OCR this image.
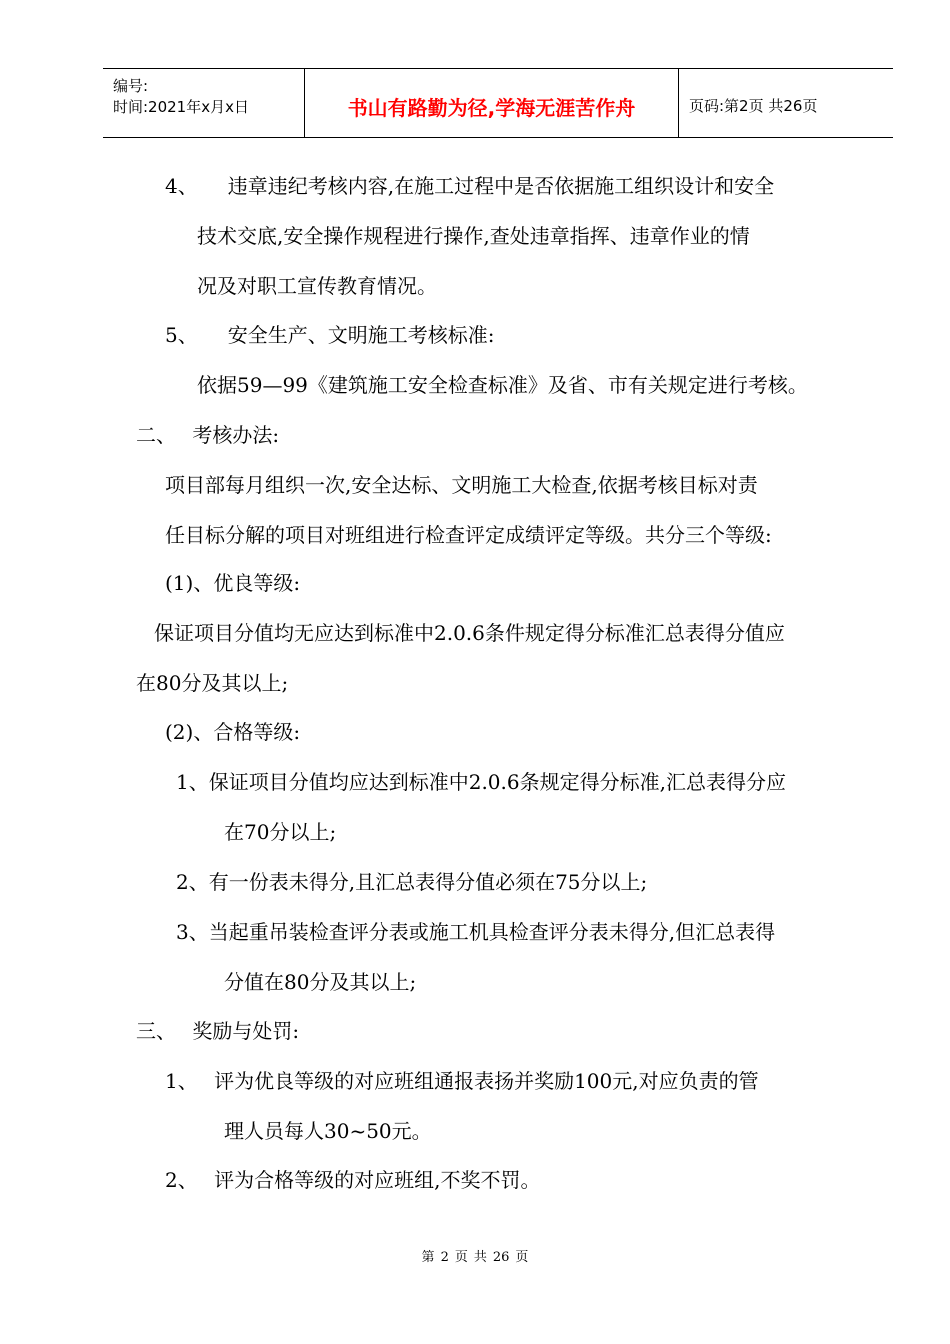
编号:
时间:2021年x月x日	书山有路勤为径,学海无涯苦作舟	页码:第2页 共26页
4、　　违章违纪考核内容,在施工过程中是否依据施工组织设计和安全
技术交底,安全操作规程进行操作,查处违章指挥、违章作业的情
况及对职工宣传教育情况。
5、　　安全生产、文明施工考核标准:
依据59—99《建筑施工安全检查标准》及省、市有关规定进行考核。
二、　 考核办法:
项目部每月组织一次,安全达标、文明施工大检查,依据考核目标对责
任目标分解的项目对班组进行检查评定成绩评定等级。共分三个等级:
(1)、优良等级:
保证项目分值均无应达到标准中2.0.6条件规定得分标准汇总表得分值应
在80分及其以上;
(2)、合格等级:
1、保证项目分值均应达到标准中2.0.6条规定得分标准,汇总表得分应
在70分以上;
2、有一份表未得分,且汇总表得分值必须在75分以上;
3、当起重吊装检查评分表或施工机具检查评分表未得分,但汇总表得
分值在80分及其以上;
三、　 奖励与处罚:
1、　 评为优良等级的对应班组通报表扬并奖励100元,对应负责的管
理人员每人30~50元。
2、　 评为合格等级的对应班组,不奖不罚。
第 2 页 共 26 页
